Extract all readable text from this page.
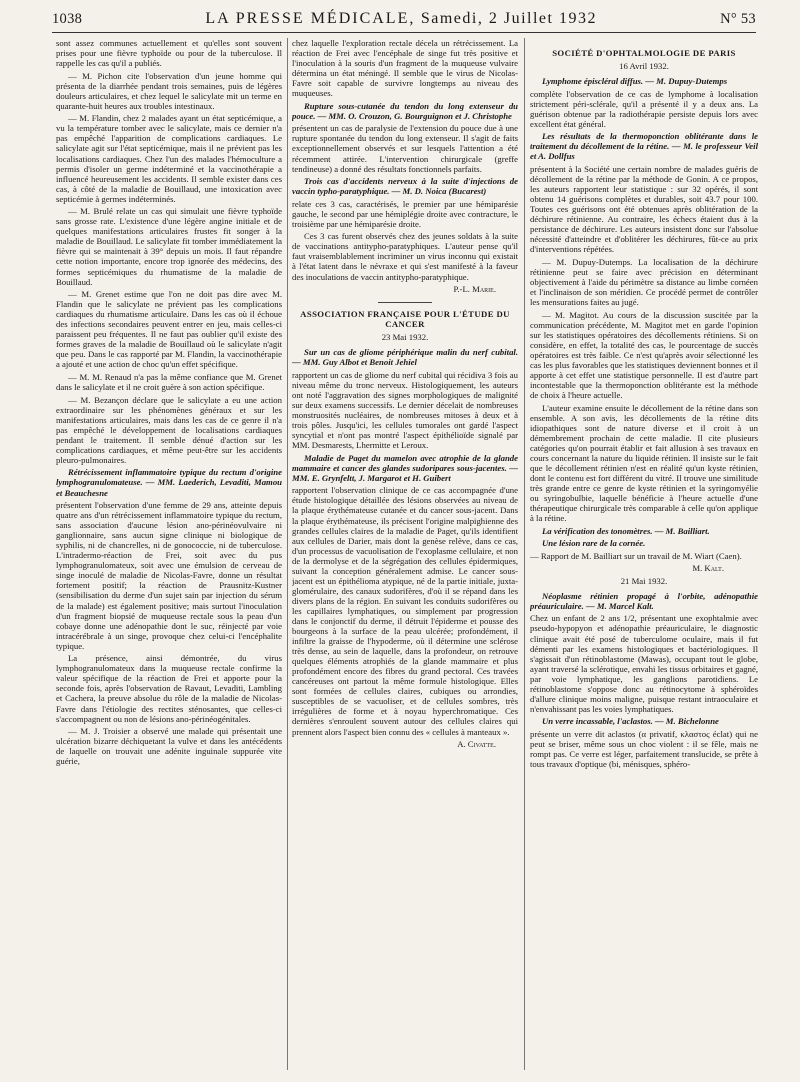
1038	LA PRESSE MÉDICALE, Samedi, 2 Juillet 1932	N° 53

sont assez communes actuellement et qu'elles sont souvent prises pour une fièvre typhoïde ou pour de la tuberculose. Il rappelle les cas qu'il a publiés.

— M. Pichon cite l'observation d'un jeune homme qui présenta de la diarrhée pendant trois semaines, puis de légères douleurs articulaires, et chez lequel le salicylate mit un terme en quarante-huit heures aux troubles intestinaux.

— M. Flandin, chez 2 malades ayant un état septicémique, a vu la température tomber avec le salicylate, mais ce dernier n'a pas empêché l'apparition de complications cardiaques. Le salicylate agit sur l'état septicémique, mais il ne prévient pas les localisations cardiaques. Chez l'un des malades l'hémoculture a permis d'isoler un germe indéterminé et la vaccinothérapie a influencé heureusement les accidents. Il semble exister dans ces cas, à côté de la maladie de Bouillaud, une intoxication avec septicémie à germes indéterminés.

— M. Brulé relate un cas qui simulait une fièvre typhoïde sans grosse rate. L'existence d'une légère angine initiale et de quelques manifestations articulaires frustes fit songer à la maladie de Bouillaud. Le salicylate fit tomber immédiatement la fièvre qui se maintenait à 39° depuis un mois. Il faut répandre cette notion importante, encore trop ignorée des médecins, des formes septicémiques du rhumatisme de la maladie de Bouillaud.

— M. Grenet estime que l'on ne doit pas dire avec M. Flandin que le salicylate ne prévient pas les complications cardiaques du rhumatisme articulaire. Dans les cas où il échoue des infections secondaires peuvent entrer en jeu, mais celles-ci paraissent peu fréquentes. Il ne faut pas oublier qu'il existe des formes graves de la maladie de Bouillaud où le salicylate n'agit que peu. Dans le cas rapporté par M. Flandin, la vaccinothérapie a ajouté et une action de choc qu'un effet spécifique.

— M. M. Renaud n'a pas la même confiance que M. Grenet dans le salicylate et il ne croit guère à son action spécifique.

— M. Bezançon déclare que le salicylate a eu une action extraordinaire sur les phénomènes généraux et sur les manifestations articulaires, mais dans les cas de ce genre il n'a pas empêché le développement de localisations cardiaques pendant le traitement. Il semble dénué d'action sur les complications cardiaques, et même peut-être sur les accidents pleuro-pulmonaires.

Rétrécissement inflammatoire typique du rectum d'origine lymphogranulomateuse. — MM. Laederich, Levaditi, Mamou et Beauchesne

présentent l'observation d'une femme de 29 ans, atteinte depuis quatre ans d'un rétrécissement inflammatoire typique du rectum, sans association d'aucune lésion ano-périnéovulvaire ni ganglionnaire, sans aucun signe clinique ni biologique de syphilis, ni de chancrelles, ni de gonococcie, ni de tuberculose. L'intradermo-réaction de Frei, soit avec du pus lymphogranulomateux, soit avec une émulsion de cerveau de singe inoculé de maladie de Nicolas-Favre, donne un résultat fortement positif; la réaction de Prausnitz-Kustner (sensibilisation du derme d'un sujet sain par injection du sérum de la malade) est également positive; mais surtout l'inoculation d'un fragment biopsié de muqueuse rectale sous la peau d'un cobaye donne une adénopathie dont le suc, réinjecté par voie intracérébrale à un singe, provoque chez celui-ci l'encéphalite typique.

La présence, ainsi démontrée, du virus lymphogranulomateux dans la muqueuse rectale confirme la valeur spécifique de la réaction de Frei et apporte pour la seconde fois, après l'observation de Ravaut, Levaditi, Lambling et Cachera, la preuve absolue du rôle de la maladie de Nicolas-Favre dans l'étiologie des rectites sténosantes, que celles-ci s'accompagnent ou non de lésions ano-périnéogénitales.

— M. J. Troisier a observé une malade qui présentait une ulcération bizarre déchiquetant la vulve et dans les antécédents de laquelle on trouvait une adénite inguinale suppurée vite guérie,

chez laquelle l'exploration rectale décela un rétrécissement. La réaction de Frei avec l'encéphale de singe fut très positive et l'inoculation à la souris d'un fragment de la muqueuse vulvaire détermina un état méningé. Il semble que le virus de Nicolas-Favre soit capable de survivre longtemps au niveau des muqueuses.

Rupture sous-cutanée du tendon du long extenseur du pouce. — MM. O. Crouzon, G. Bourguignon et J. Christophe

présentent un cas de paralysie de l'extension du pouce due à une rupture spontanée du tendon du long extenseur. Il s'agit de faits exceptionnellement observés et sur lesquels l'attention a été récemment attirée. L'intervention chirurgicale (greffe tendineuse) a donné des résultats fonctionnels parfaits.

Trois cas d'accidents nerveux à la suite d'injections de vaccin typho-paratyphique. — M. D. Noica (Bucarest)

relate ces 3 cas, caractérisés, le premier par une hémiparésie gauche, le second par une hémiplégie droite avec contracture, le troisième par une hémiparésie droite.

Ces 3 cas furent observés chez des jeunes soldats à la suite de vaccinations antitypho-paratyphiques. L'auteur pense qu'il faut vraisemblablement incriminer un virus inconnu qui existait à l'état latent dans le névraxe et qui s'est manifesté à la faveur des inoculations de vaccin antitypho-paratyphique.

P.-L. Marie.

ASSOCIATION FRANÇAISE POUR L'ÉTUDE DU CANCER
23 Mai 1932.

Sur un cas de gliome périphérique malin du nerf cubital. — MM. Guy Albot et Benoit Jehiel

rapportent un cas de gliome du nerf cubital qui récidiva 3 fois au niveau même du tronc nerveux. Histologiquement, les auteurs ont noté l'aggravation des signes morphologiques de malignité sur deux examens successifs. Le dernier décelait de nombreuses monstruosités nucléaires, de nombreuses mitoses à deux et à trois pôles. Jusqu'ici, les cellules tumorales ont gardé l'aspect syncytial et n'ont pas montré l'aspect épithélioïde signalé par MM. Desmarests, Lhermitte et Leroux.

Maladie de Paget du mamelon avec atrophie de la glande mammaire et cancer des glandes sudoripares sous-jacentes. — MM. E. Grynfeltt, J. Margarot et H. Guibert

rapportent l'observation clinique de ce cas accompagnée d'une étude histologique détaillée des lésions observées au niveau de la plaque érythémateuse cutanée et du cancer sous-jacent. Dans la plaque érythémateuse, ils précisent l'origine malpighienne des grandes cellules claires de la maladie de Paget, qu'ils identifient aux cellules de Darier, mais dont la genèse relève, dans ce cas, d'un processus de vacuolisation de l'exoplasme cellulaire, et non de la dermolyse et de la ségrégation des cellules épidermiques, suivant la conception généralement admise. Le cancer sous-jacent est un épithélioma atypique, né de la partie initiale, juxta-glomérulaire, des canaux sudorifères, d'où il se répand dans les divers plans de la région. En suivant les conduits sudorifères ou les capillaires lymphatiques, ou simplement par progression dans le conjonctif du derme, il détruit l'épiderme et pousse des bourgeons à la surface de la peau ulcérée; profondément, il infiltre la graisse de l'hypoderme, où il détermine une sclérose très dense, au sein de laquelle, dans la profondeur, on retrouve quelques éléments atrophiés de la glande mammaire et plus profondément encore des fibres du grand pectoral. Ces travées cancéreuses ont partout la même formule histologique. Elles sont formées de cellules claires, cubiques ou arrondies, susceptibles de se vacuoliser, et de cellules sombres, très irrégulières de forme et à noyau hyperchromatique. Ces dernières s'enroulent souvent autour des cellules claires qui prennent alors l'aspect bien connu des « cellules à manteaux ».

A. Civatte.

SOCIÉTÉ D'OPHTALMOLOGIE DE PARIS
16 Avril 1932.

Lymphome épiscléral diffus. — M. Dupuy-Dutemps

complète l'observation de ce cas de lymphome à localisation strictement péri-sclérale, qu'il a présenté il y a deux ans. La guérison obtenue par la radiothérapie persiste depuis lors avec excellent état général.

Les résultats de la thermoponction oblitérante dans le traitement du décollement de la rétine. — M. le professeur Veil et A. Dollfus

présentent à la Société une certain nombre de malades guéris de décollement de la rétine par la méthode de Gonin. A ce propos, les auteurs rapportent leur statistique : sur 32 opérés, il sont obtenu 14 guérisons complètes et durables, soit 43.7 pour 100. Toutes ces guérisons ont été obtenues après oblitération de la déchirure rétinienne. Au contraire, les échecs étaient dus à la persistance de déchirure. Les auteurs insistent donc sur l'absolue nécessité d'atteindre et d'oblitérer les déchirures, fût-ce au prix d'interventions répétées.

— M. Dupuy-Dutemps. La localisation de la déchirure rétinienne peut se faire avec précision en déterminant objectivement à l'aide du périmètre sa distance au limbe cornéen et l'inclinaison de son méridien. Ce procédé permet de contrôler les mensurations faites au jugé.

— M. Magitot. Au cours de la discussion suscitée par la communication précédente, M. Magitot met en garde l'opinion sur les statistiques opératoires des décollements rétiniens. Si on considère, en effet, la totalité des cas, le pourcentage de succès opératoires est très faible. Ce n'est qu'après avoir sélectionné les cas les plus favorables que les statistiques deviennent bonnes et il apporte à cet effet une statistique personnelle. Il est d'autre part incontestable que la thermoponction oblitérante est la méthode de choix à l'heure actuelle.

L'auteur examine ensuite le décollement de la rétine dans son ensemble. A son avis, les décollements de la rétine dits idiopathiques sont de nature diverse et il croit à un démembrement prochain de cette maladie. Il cite plusieurs catégories qu'on pourrait établir et fait allusion à ses travaux en cours concernant la nature du liquide rétinien. Il insiste sur le fait que le décollement rétinien n'est en réalité qu'un kyste rétinien, dont le contenu est fort différent du vitré. Il trouve une similitude très grande entre ce genre de kyste rétinien et la syringomyélie ou syringobulbie, laquelle bénéficie à l'heure actuelle d'une thérapeutique chirurgicale très comparable à celle qu'on applique à la rétine.

La vérification des tonomètres. — M. Bailliart.

Une lésion rare de la cornée.

— Rapport de M. Bailliart sur un travail de M. Wiart (Caen).

M. Kalt.

21 Mai 1932.

Néoplasme rétinien propagé à l'orbite, adénopathie préauriculaire. — M. Marcel Kalt.

Chez un enfant de 2 ans 1/2, présentant une exophtalmie avec pseudo-hypopyon et adénopathie préauriculaire, le diagnostic clinique avait été posé de tuberculome oculaire, mais il fut démenti par les examens histologiques et bactériologiques. Il s'agissait d'un rétinoblastome (Mawas), occupant tout le globe, ayant traversé la sclérotique, envahi les tissus orbitaires et gagné, par voie lymphatique, les ganglions parotidiens. Le rétinoblastome s'oppose donc au rétinocytome à sphéroïdes d'allure clinique moins maligne, puisque restant intraoculaire et n'envahissant pas les voies lymphatiques.

Un verre incassable, l'aclastos. — M. Bichelonne

présente un verre dit aclastos (α privatif, κλαστος éclat) qui ne peut se briser, même sous un choc violent : il se fêle, mais ne rompt pas. Ce verre est léger, parfaitement translucide, se prête à tous travaux d'optique (bi, ménisques, sphéro-
